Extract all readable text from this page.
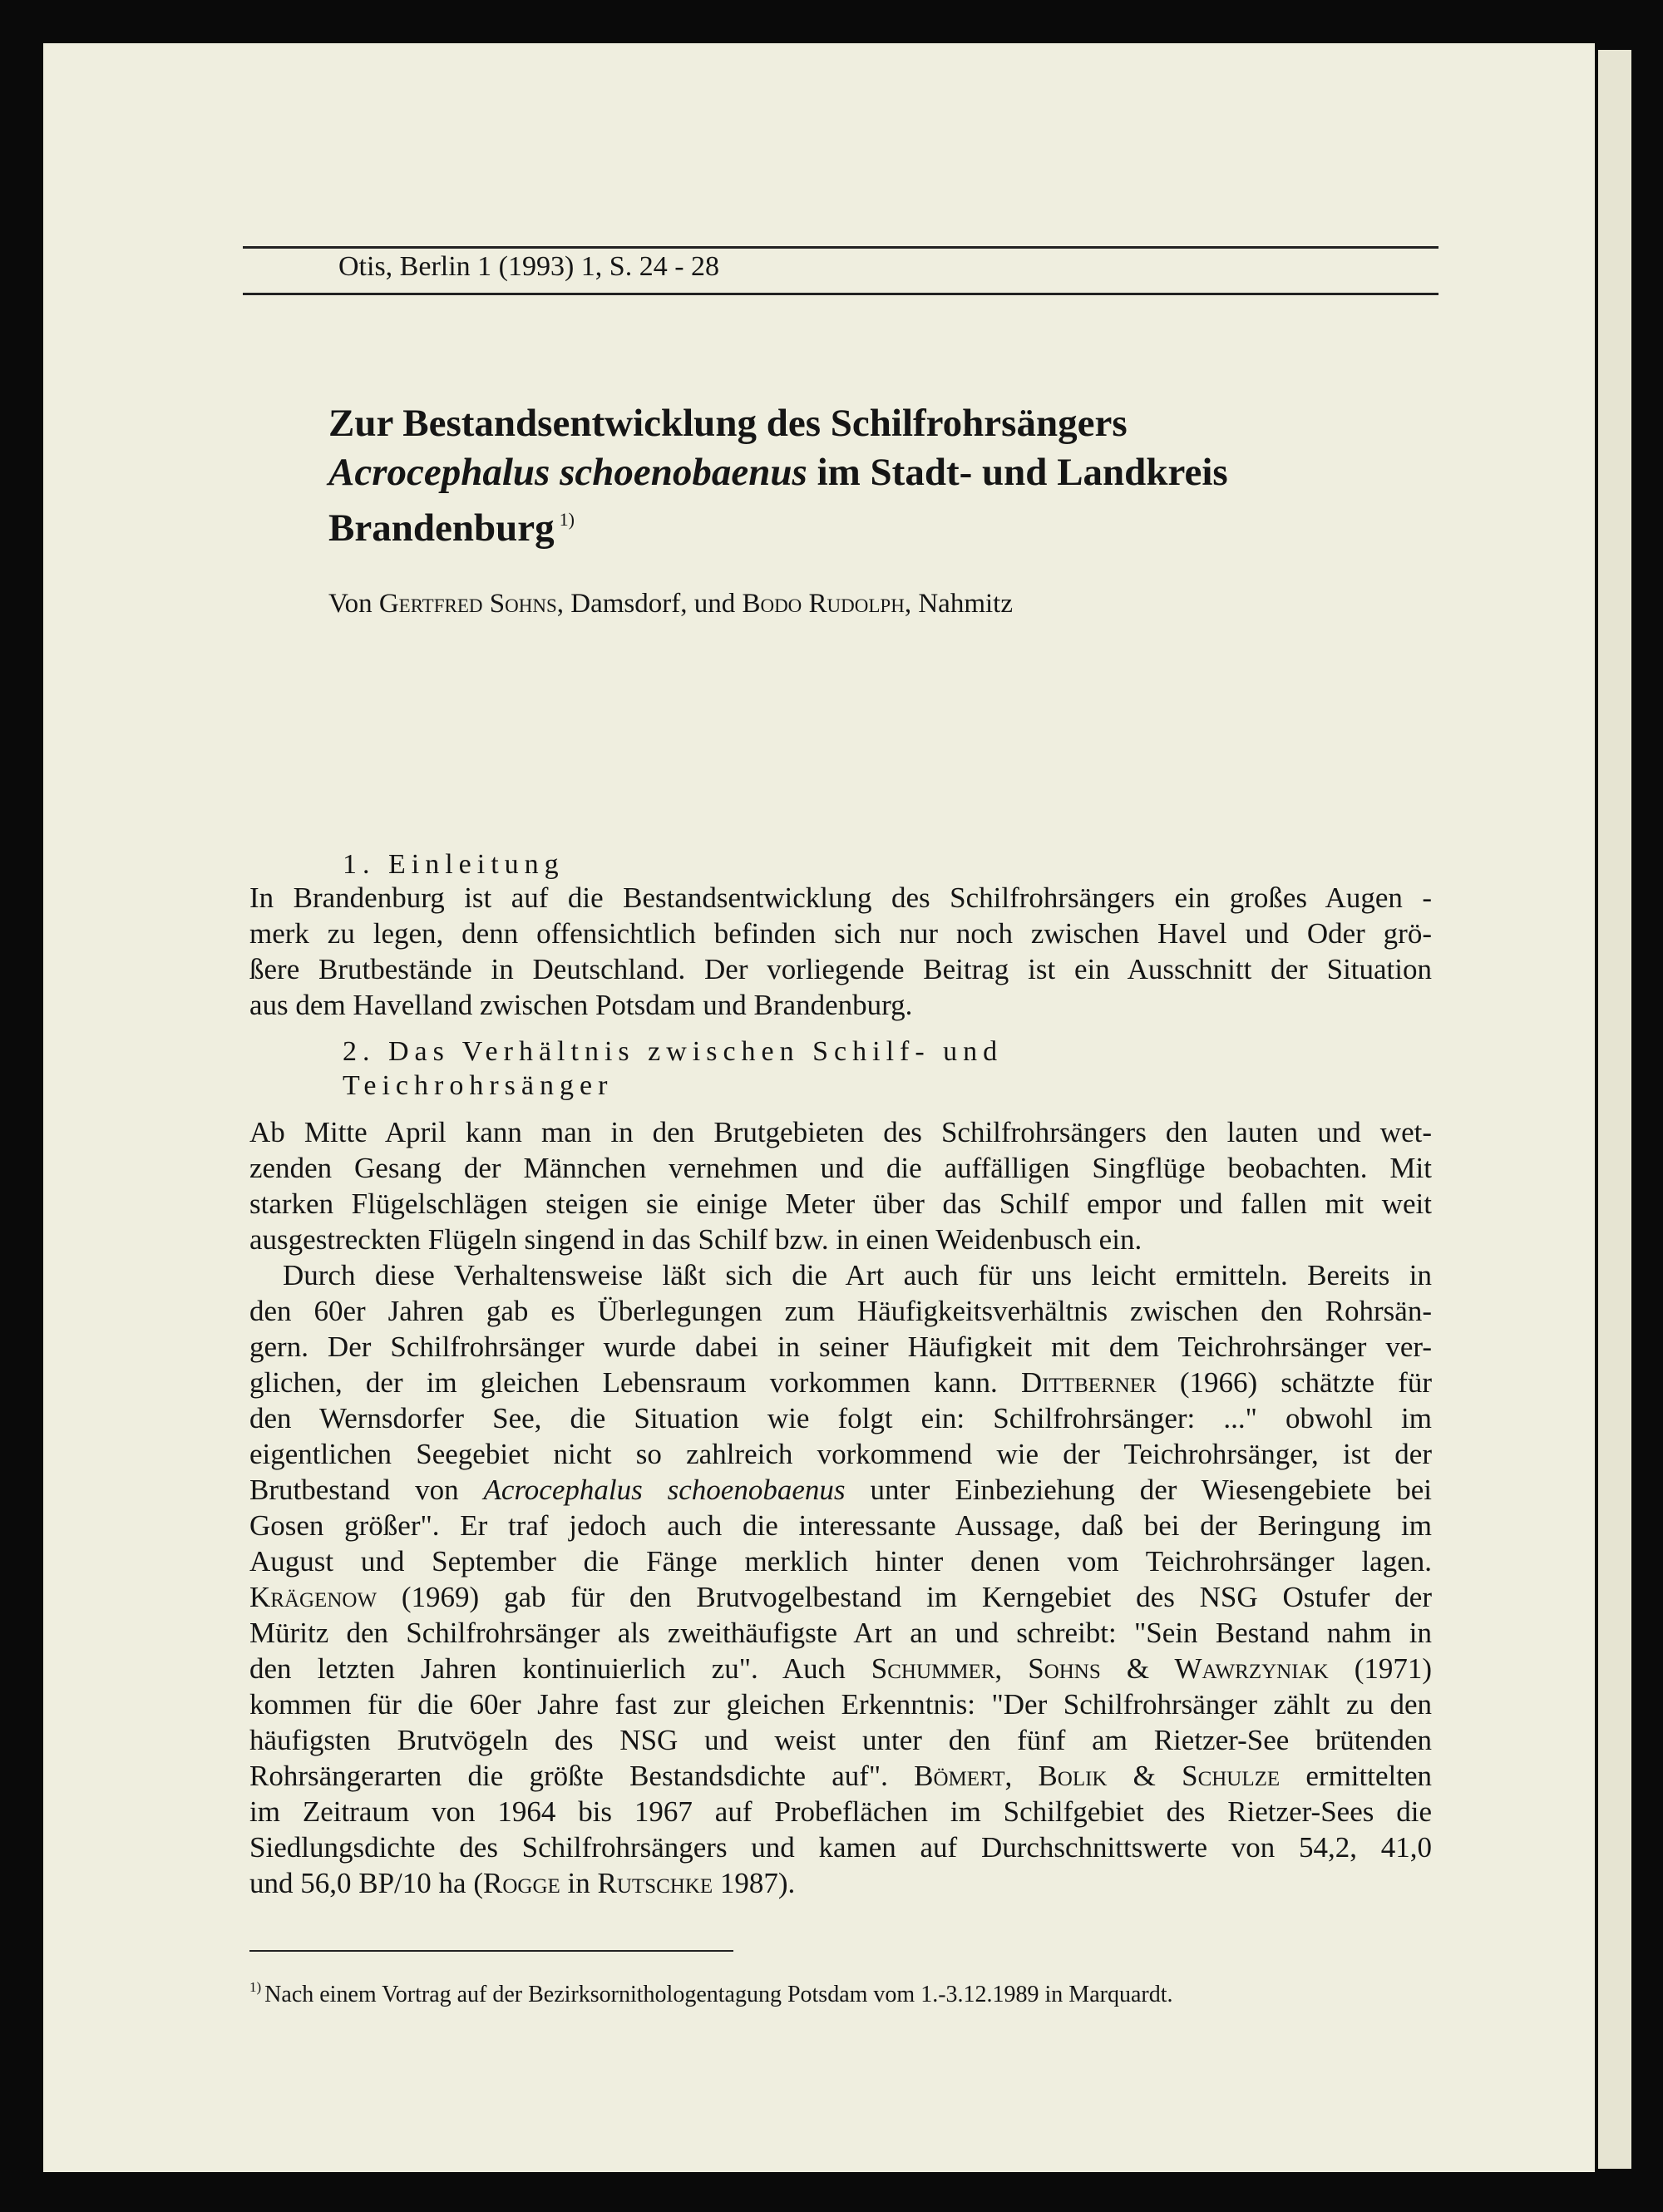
Otis, Berlin 1 (1993) 1, S. 24 - 28
Zur Bestandsentwicklung des Schilfrohrsängers
Acrocephalus schoenobaenus im Stadt- und Landkreis
Brandenburg $^{1)}$
Von Gertfred Sohns, Damsdorf, und Bodo Rudolph, Nahmitz
1. Einleitung
In Brandenburg ist auf die Bestandsentwicklung des Schilfrohrsängers ein großes Augen -
merk zu legen, denn offensichtlich befinden sich nur noch zwischen Havel und Oder grö-
ßere Brutbestände in Deutschland. Der vorliegende Beitrag ist ein Ausschnitt der Situation
aus dem Havelland zwischen Potsdam und Brandenburg.
2. Das Verhältnis zwischen Schilf- und
Teichrohrsänger
Ab Mitte April kann man in den Brutgebieten des Schilfrohrsängers den lauten und wet-
zenden Gesang der Männchen vernehmen und die auffälligen Singflüge beobachten. Mit
starken Flügelschlägen steigen sie einige Meter über das Schilf empor und fallen mit weit
ausgestreckten Flügeln singend in das Schilf bzw. in einen Weidenbusch ein.
Durch diese Verhaltensweise läßt sich die Art auch für uns leicht ermitteln. Bereits in
den 60er Jahren gab es Überlegungen zum Häufigkeitsverhältnis zwischen den Rohrsän-
gern. Der Schilfrohrsänger wurde dabei in seiner Häufigkeit mit dem Teichrohrsänger ver-
glichen, der im gleichen Lebensraum vorkommen kann. Dittberner (1966) schätzte für
den Wernsdorfer See, die Situation wie folgt ein: Schilfrohrsänger: ..." obwohl im
eigentlichen Seegebiet nicht so zahlreich vorkommend wie der Teichrohrsänger, ist der
Brutbestand von Acrocephalus schoenobaenus unter Einbeziehung der Wiesengebiete bei
Gosen größer". Er traf jedoch auch die interessante Aussage, daß bei der Beringung im
August und September die Fänge merklich hinter denen vom Teichrohrsänger lagen.
Krägenow (1969) gab für den Brutvogelbestand im Kerngebiet des NSG Ostufer der
Müritz den Schilfrohrsänger als zweithäufigste Art an und schreibt: "Sein Bestand nahm in
den letzten Jahren kontinuierlich zu". Auch Schummer, Sohns & Wawrzyniak (1971)
kommen für die 60er Jahre fast zur gleichen Erkenntnis: "Der Schilfrohrsänger zählt zu den
häufigsten Brutvögeln des NSG und weist unter den fünf am Rietzer-See brütenden
Rohrsängerarten die größte Bestandsdichte auf". Bömert, Bolik & Schulze ermittelten
im Zeitraum von 1964 bis 1967 auf Probeflächen im Schilfgebiet des Rietzer-Sees die
Siedlungsdichte des Schilfrohrsängers und kamen auf Durchschnittswerte von 54,2, 41,0
und 56,0 BP/10 ha (Rogge in Rutschke 1987).
$^{1)}$ Nach einem Vortrag auf der Bezirksornithologentagung Potsdam vom 1.-3.12.1989 in Marquardt.
